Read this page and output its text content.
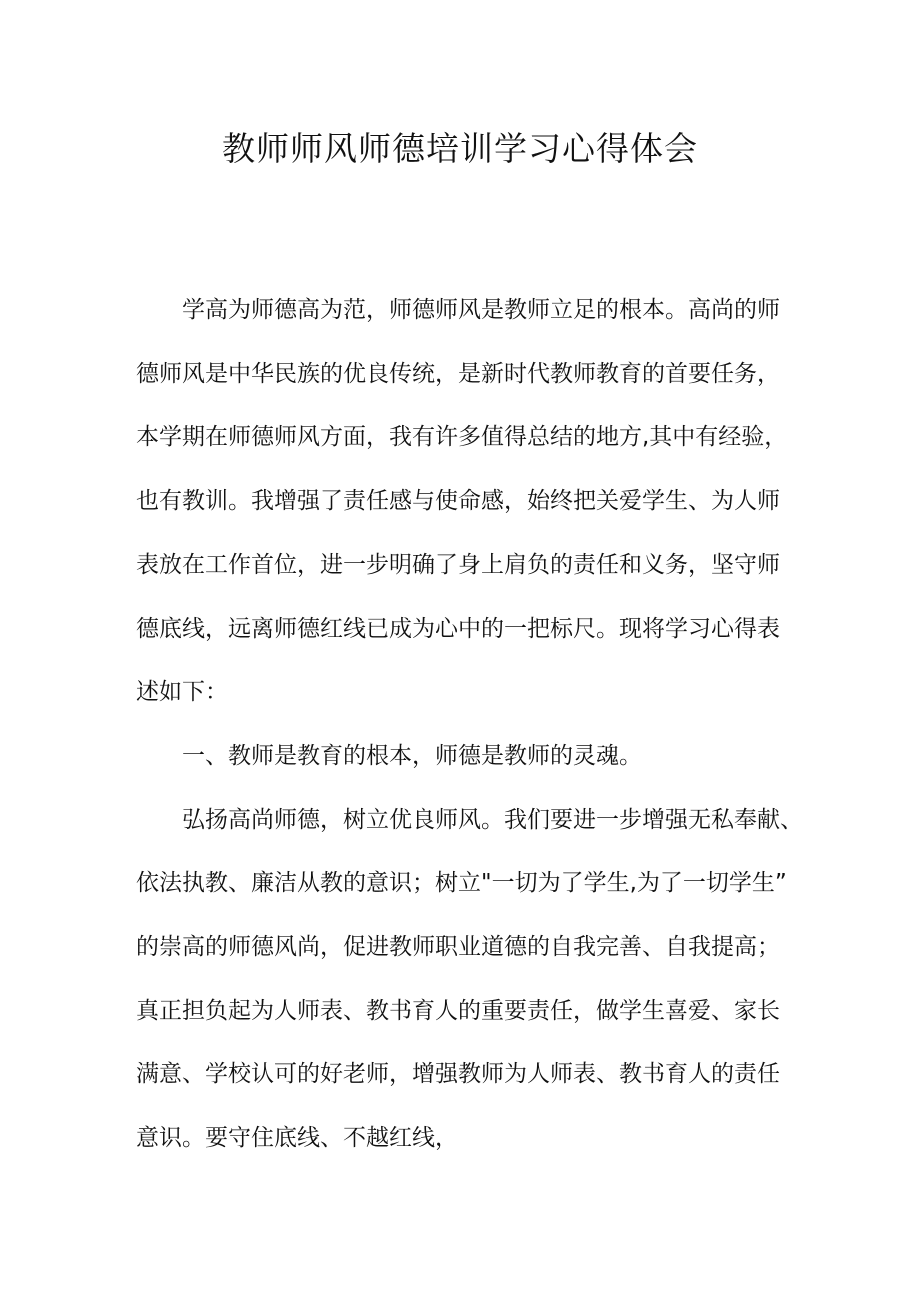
教师师风师德培训学习心得体会

学高为师德高为范，师德师风是教师立足的根本。高尚的师
德师风是中华民族的优良传统，是新时代教师教育的首要任务，
本学期在师德师风方面，我有许多值得总结的地方,其中有经验，
也有教训。我增强了责任感与使命感，始终把关爱学生、为人师
表放在工作首位，进一步明确了身上肩负的责任和义务，坚守师
德底线，远离师德红线已成为心中的一把标尺。现将学习心得表
述如下：

一、教师是教育的根本，师德是教师的灵魂。

弘扬高尚师德，树立优良师风。我们要进一步增强无私奉献、
依法执教、廉洁从教的意识；树立"一切为了学生,为了一切学生”
的崇高的师德风尚，促进教师职业道德的自我完善、自我提高；
真正担负起为人师表、教书育人的重要责任，做学生喜爱、家长
满意、学校认可的好老师，增强教师为人师表、教书育人的责任
意识。要守住底线、不越红线，
